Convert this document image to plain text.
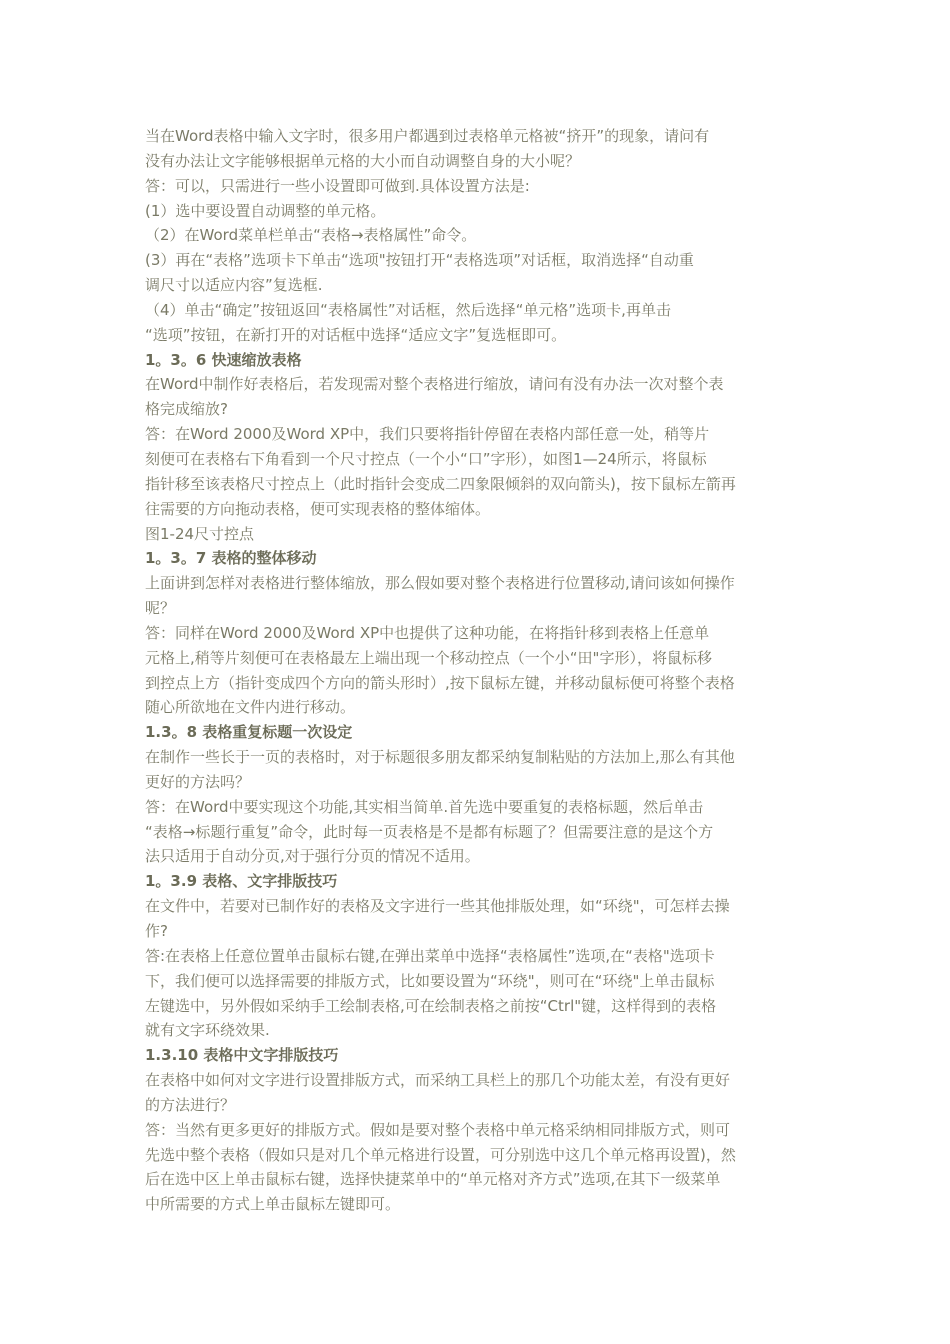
当在Word表格中输入文字时，很多用户都遇到过表格单元格被“挤开”的现象，请问有
没有办法让文字能够根据单元格的大小而自动调整自身的大小呢？
答：可以，只需进行一些小设置即可做到.具体设置方法是:
(1）选中要设置自动调整的单元格。
（2）在Word菜单栏单击“表格→表格属性”命令。
(3）再在“表格”选项卡下单击“选项"按钮打开“表格选项”对话框，取消选择“自动重
调尺寸以适应内容”复选框.
（4）单击“确定”按钮返回“表格属性”对话框，然后选择“单元格”选项卡,再单击
“选项”按钮，在新打开的对话框中选择“适应文字”复选框即可。
1。3。6 快速缩放表格
在Word中制作好表格后，若发现需对整个表格进行缩放，请问有没有办法一次对整个表
格完成缩放?
答：在Word 2000及Word XP中，我们只要将指针停留在表格内部任意一处，稍等片
刻便可在表格右下角看到一个尺寸控点（一个小“口”字形），如图1—24所示，将鼠标
指针移至该表格尺寸控点上（此时指针会变成二四象限倾斜的双向箭头)，按下鼠标左箭再
往需要的方向拖动表格，便可实现表格的整体缩体。
图1-24尺寸控点
1。3。7 表格的整体移动
上面讲到怎样对表格进行整体缩放，那么假如要对整个表格进行位置移动,请问该如何操作
呢？
答：同样在Word 2000及Word XP中也提供了这种功能，在将指针移到表格上任意单
元格上,稍等片刻便可在表格最左上端出现一个移动控点（一个小“田"字形），将鼠标移
到控点上方（指针变成四个方向的箭头形时）,按下鼠标左键，并移动鼠标便可将整个表格
随心所欲地在文件内进行移动。
1.3。8 表格重复标题一次设定
在制作一些长于一页的表格时，对于标题很多朋友都采纳复制粘贴的方法加上,那么有其他
更好的方法吗？
答：在Word中要实现这个功能,其实相当简单.首先选中要重复的表格标题，然后单击
“表格→标题行重复”命令，此时每一页表格是不是都有标题了？但需要注意的是这个方
法只适用于自动分页,对于强行分页的情况不适用。
1。3.9 表格、文字排版技巧
在文件中，若要对已制作好的表格及文字进行一些其他排版处理，如“环绕"，可怎样去操
作?
答:在表格上任意位置单击鼠标右键,在弹出菜单中选择“表格属性”选项,在“表格"选项卡
下，我们便可以选择需要的排版方式，比如要设置为“环绕"，则可在“环绕"上单击鼠标
左键选中，另外假如采纳手工绘制表格,可在绘制表格之前按“Ctrl"键，这样得到的表格
就有文字环绕效果.
1.3.10 表格中文字排版技巧
在表格中如何对文字进行设置排版方式，而采纳工具栏上的那几个功能太差，有没有更好
的方法进行？
答：当然有更多更好的排版方式。假如是要对整个表格中单元格采纳相同排版方式，则可
先选中整个表格（假如只是对几个单元格进行设置，可分别选中这几个单元格再设置)，然
后在选中区上单击鼠标右键，选择快捷菜单中的“单元格对齐方式”选项,在其下一级菜单
中所需要的方式上单击鼠标左键即可。
